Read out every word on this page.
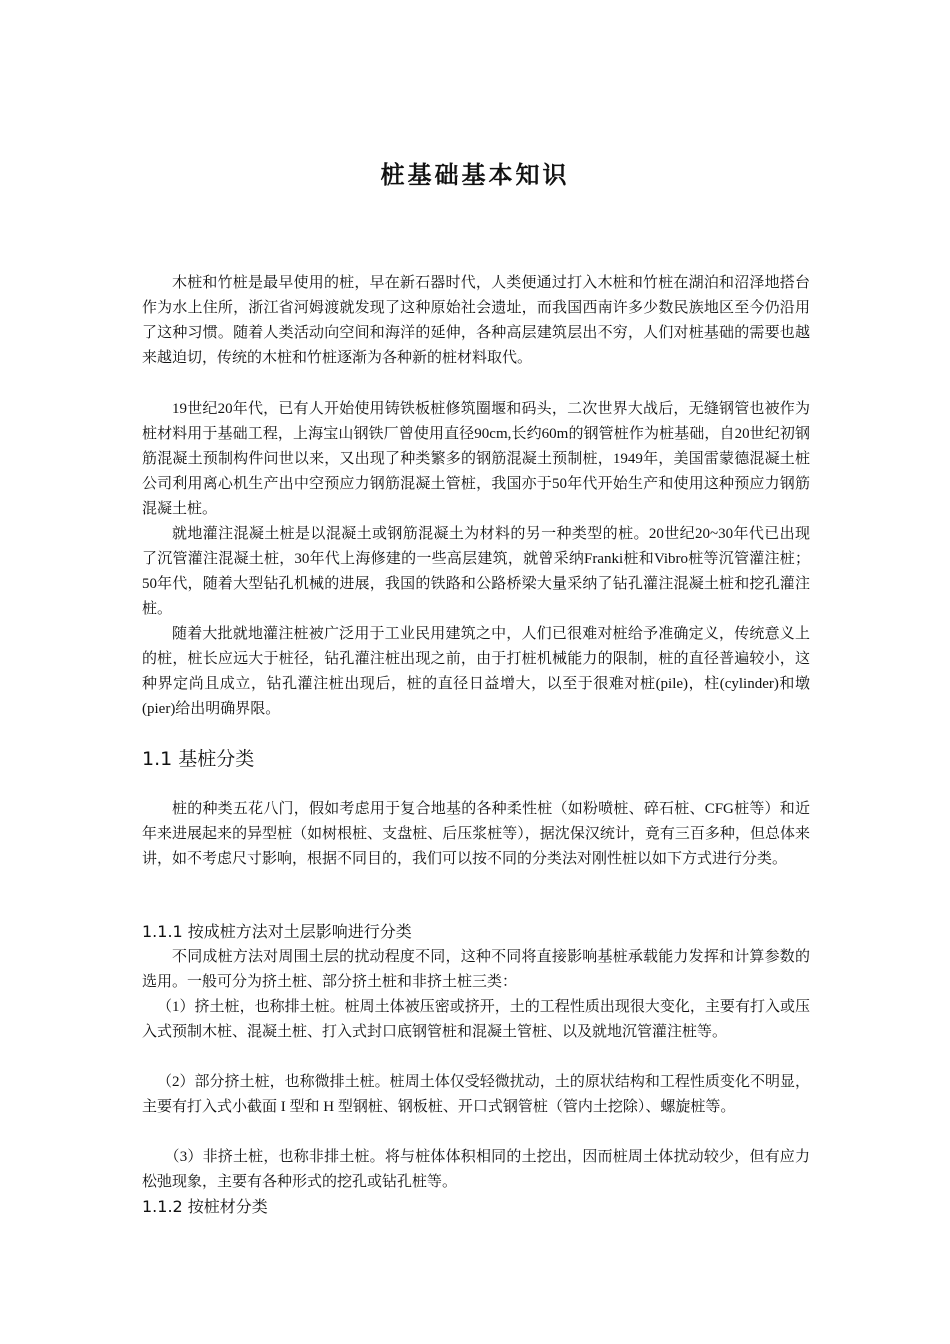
桩基础基本知识

木桩和竹桩是最早使用的桩，早在新石器时代，人类便通过打入木桩和竹桩在湖泊和沼泽地搭台作为水上住所，浙江省河姆渡就发现了这种原始社会遗址，而我国西南许多少数民族地区至今仍沿用了这种习惯。随着人类活动向空间和海洋的延伸，各种高层建筑层出不穷，人们对桩基础的需要也越来越迫切，传统的木桩和竹桩逐渐为各种新的桩材料取代。

19世纪20年代，已有人开始使用铸铁板桩修筑圈堰和码头，二次世界大战后，无缝钢管也被作为桩材料用于基础工程，上海宝山钢铁厂曾使用直径90cm,长约60m的钢管桩作为桩基础，自20世纪初钢筋混凝土预制构件问世以来，又出现了种类繁多的钢筋混凝土预制桩，1949年，美国雷蒙德混凝土桩公司利用离心机生产出中空预应力钢筋混凝土管桩，我国亦于50年代开始生产和使用这种预应力钢筋混凝土桩。

就地灌注混凝土桩是以混凝土或钢筋混凝土为材料的另一种类型的桩。20世纪20~30年代已出现了沉管灌注混凝土桩，30年代上海修建的一些高层建筑，就曾采纳Franki桩和Vibro桩等沉管灌注桩；50年代，随着大型钻孔机械的进展，我国的铁路和公路桥梁大量采纳了钻孔灌注混凝土桩和挖孔灌注桩。

随着大批就地灌注桩被广泛用于工业民用建筑之中，人们已很难对桩给予准确定义，传统意义上的桩，桩长应远大于桩径，钻孔灌注桩出现之前，由于打桩机械能力的限制，桩的直径普遍较小，这种界定尚且成立，钻孔灌注桩出现后，桩的直径日益增大，以至于很难对桩(pile)，柱(cylinder)和墩(pier)给出明确界限。

1.1 基桩分类

桩的种类五花八门，假如考虑用于复合地基的各种柔性桩（如粉喷桩、碎石桩、CFG桩等）和近年来进展起来的异型桩（如树根桩、支盘桩、后压浆桩等），据沈保汉统计，竟有三百多种，但总体来讲，如不考虑尺寸影响，根据不同目的，我们可以按不同的分类法对刚性桩以如下方式进行分类。

1.1.1 按成桩方法对土层影响进行分类

不同成桩方法对周围土层的扰动程度不同，这种不同将直接影响基桩承载能力发挥和计算参数的选用。一般可分为挤土桩、部分挤土桩和非挤土桩三类：

（1）挤土桩，也称排土桩。桩周土体被压密或挤开，土的工程性质出现很大变化，主要有打入或压入式预制木桩、混凝土桩、打入式封口底钢管桩和混凝土管桩、以及就地沉管灌注桩等。

（2）部分挤土桩，也称微排土桩。桩周土体仅受轻微扰动，土的原状结构和工程性质变化不明显，主要有打入式小截面 I 型和 H 型钢桩、钢板桩、开口式钢管桩（管内土挖除）、螺旋桩等。

（3）非挤土桩，也称非排土桩。将与桩体体积相同的土挖出，因而桩周土体扰动较少，但有应力松弛现象，主要有各种形式的挖孔或钻孔桩等。

1.1.2 按桩材分类
